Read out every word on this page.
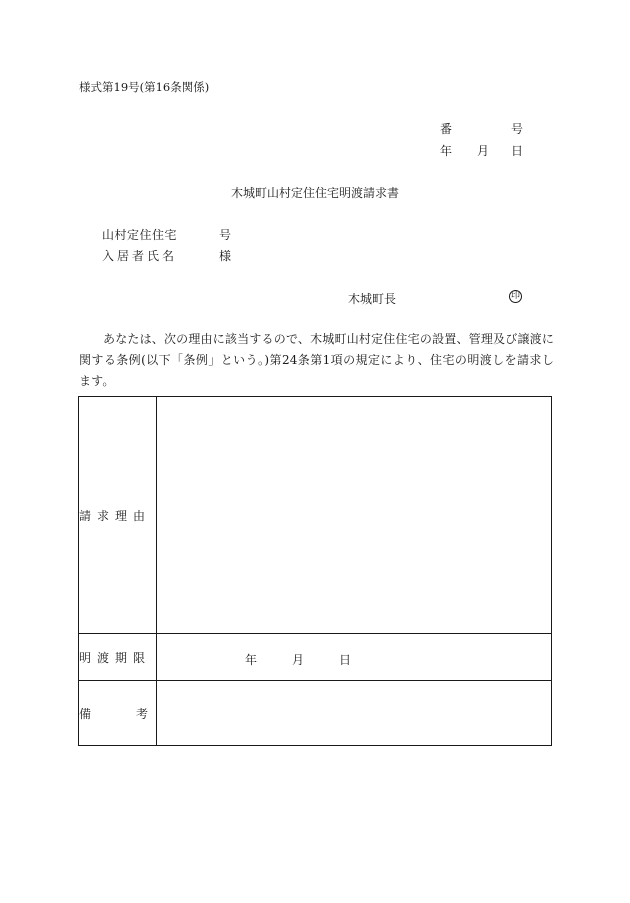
様式第19号(第16条関係)
番	号
年 月 日
木城町山村定住住宅明渡請求書
山村定住住宅	号
入居者氏名	様
木城町長	印
あなたは、次の理由に該当するので、木城町山村定住住宅の設置、管理及び譲渡に関する条例(以下「条例」という。)第24条第1項の規定により、住宅の明渡しを請求します。
請求理由	
明渡期限	年 月 日

備 考	
